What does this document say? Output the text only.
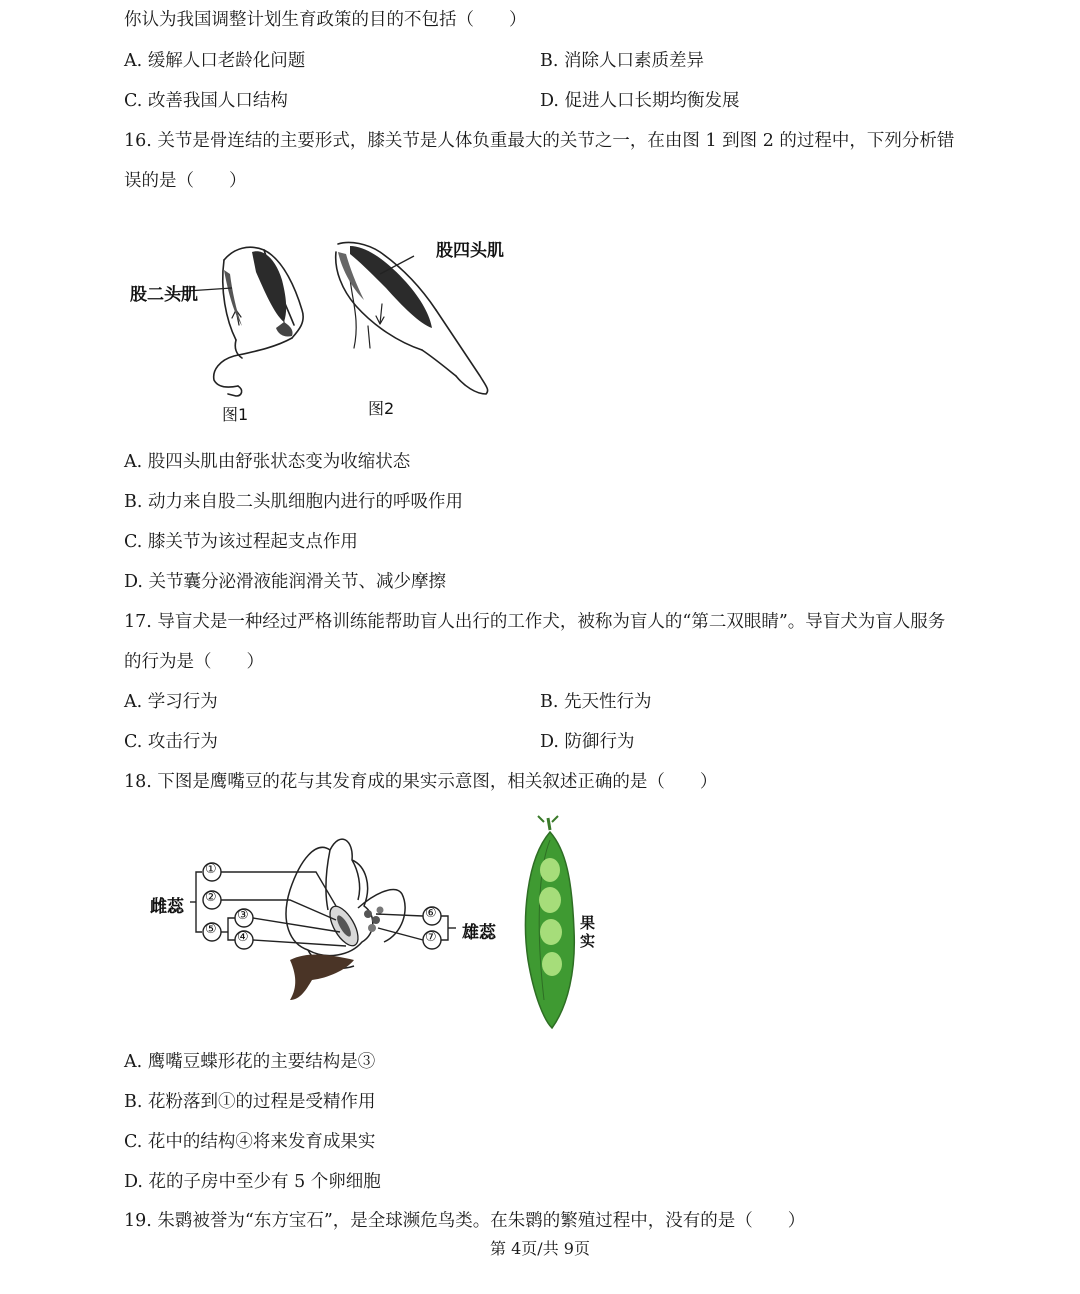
你认为我国调整计划生育政策的目的不包括（　　）
A. 缓解人口老龄化问题	B. 消除人口素质差异
C. 改善我国人口结构	D. 促进人口长期均衡发展
16. 关节是骨连结的主要形式，膝关节是人体负重最大的关节之一，在由图 1 到图 2 的过程中，下列分析错
误的是（　　）
股二头肌
股四头肌
图1	图2
A. 股四头肌由舒张状态变为收缩状态
B. 动力来自股二头肌细胞内进行的呼吸作用
C. 膝关节为该过程起支点作用
D. 关节囊分泌滑液能润滑关节、减少摩擦
17. 导盲犬是一种经过严格训练能帮助盲人出行的工作犬，被称为盲人的“第二双眼睛”。导盲犬为盲人服务
的行为是（　　）
A. 学习行为	B. 先天性行为
C. 攻击行为	D. 防御行为
18. 下图是鹰嘴豆的花与其发育成的果实示意图，相关叙述正确的是（　　）
①
②
③
④
⑤
⑥
⑦
雌蕊
雄蕊	果实
A. 鹰嘴豆蝶形花的主要结构是③
B. 花粉落到①的过程是受精作用
C. 花中的结构④将来发育成果实
D. 花的子房中至少有 5 个卵细胞
19. 朱鹮被誉为“东方宝石”，是全球濒危鸟类。在朱鹮的繁殖过程中，没有的是（　　）
第 4页/共 9页
